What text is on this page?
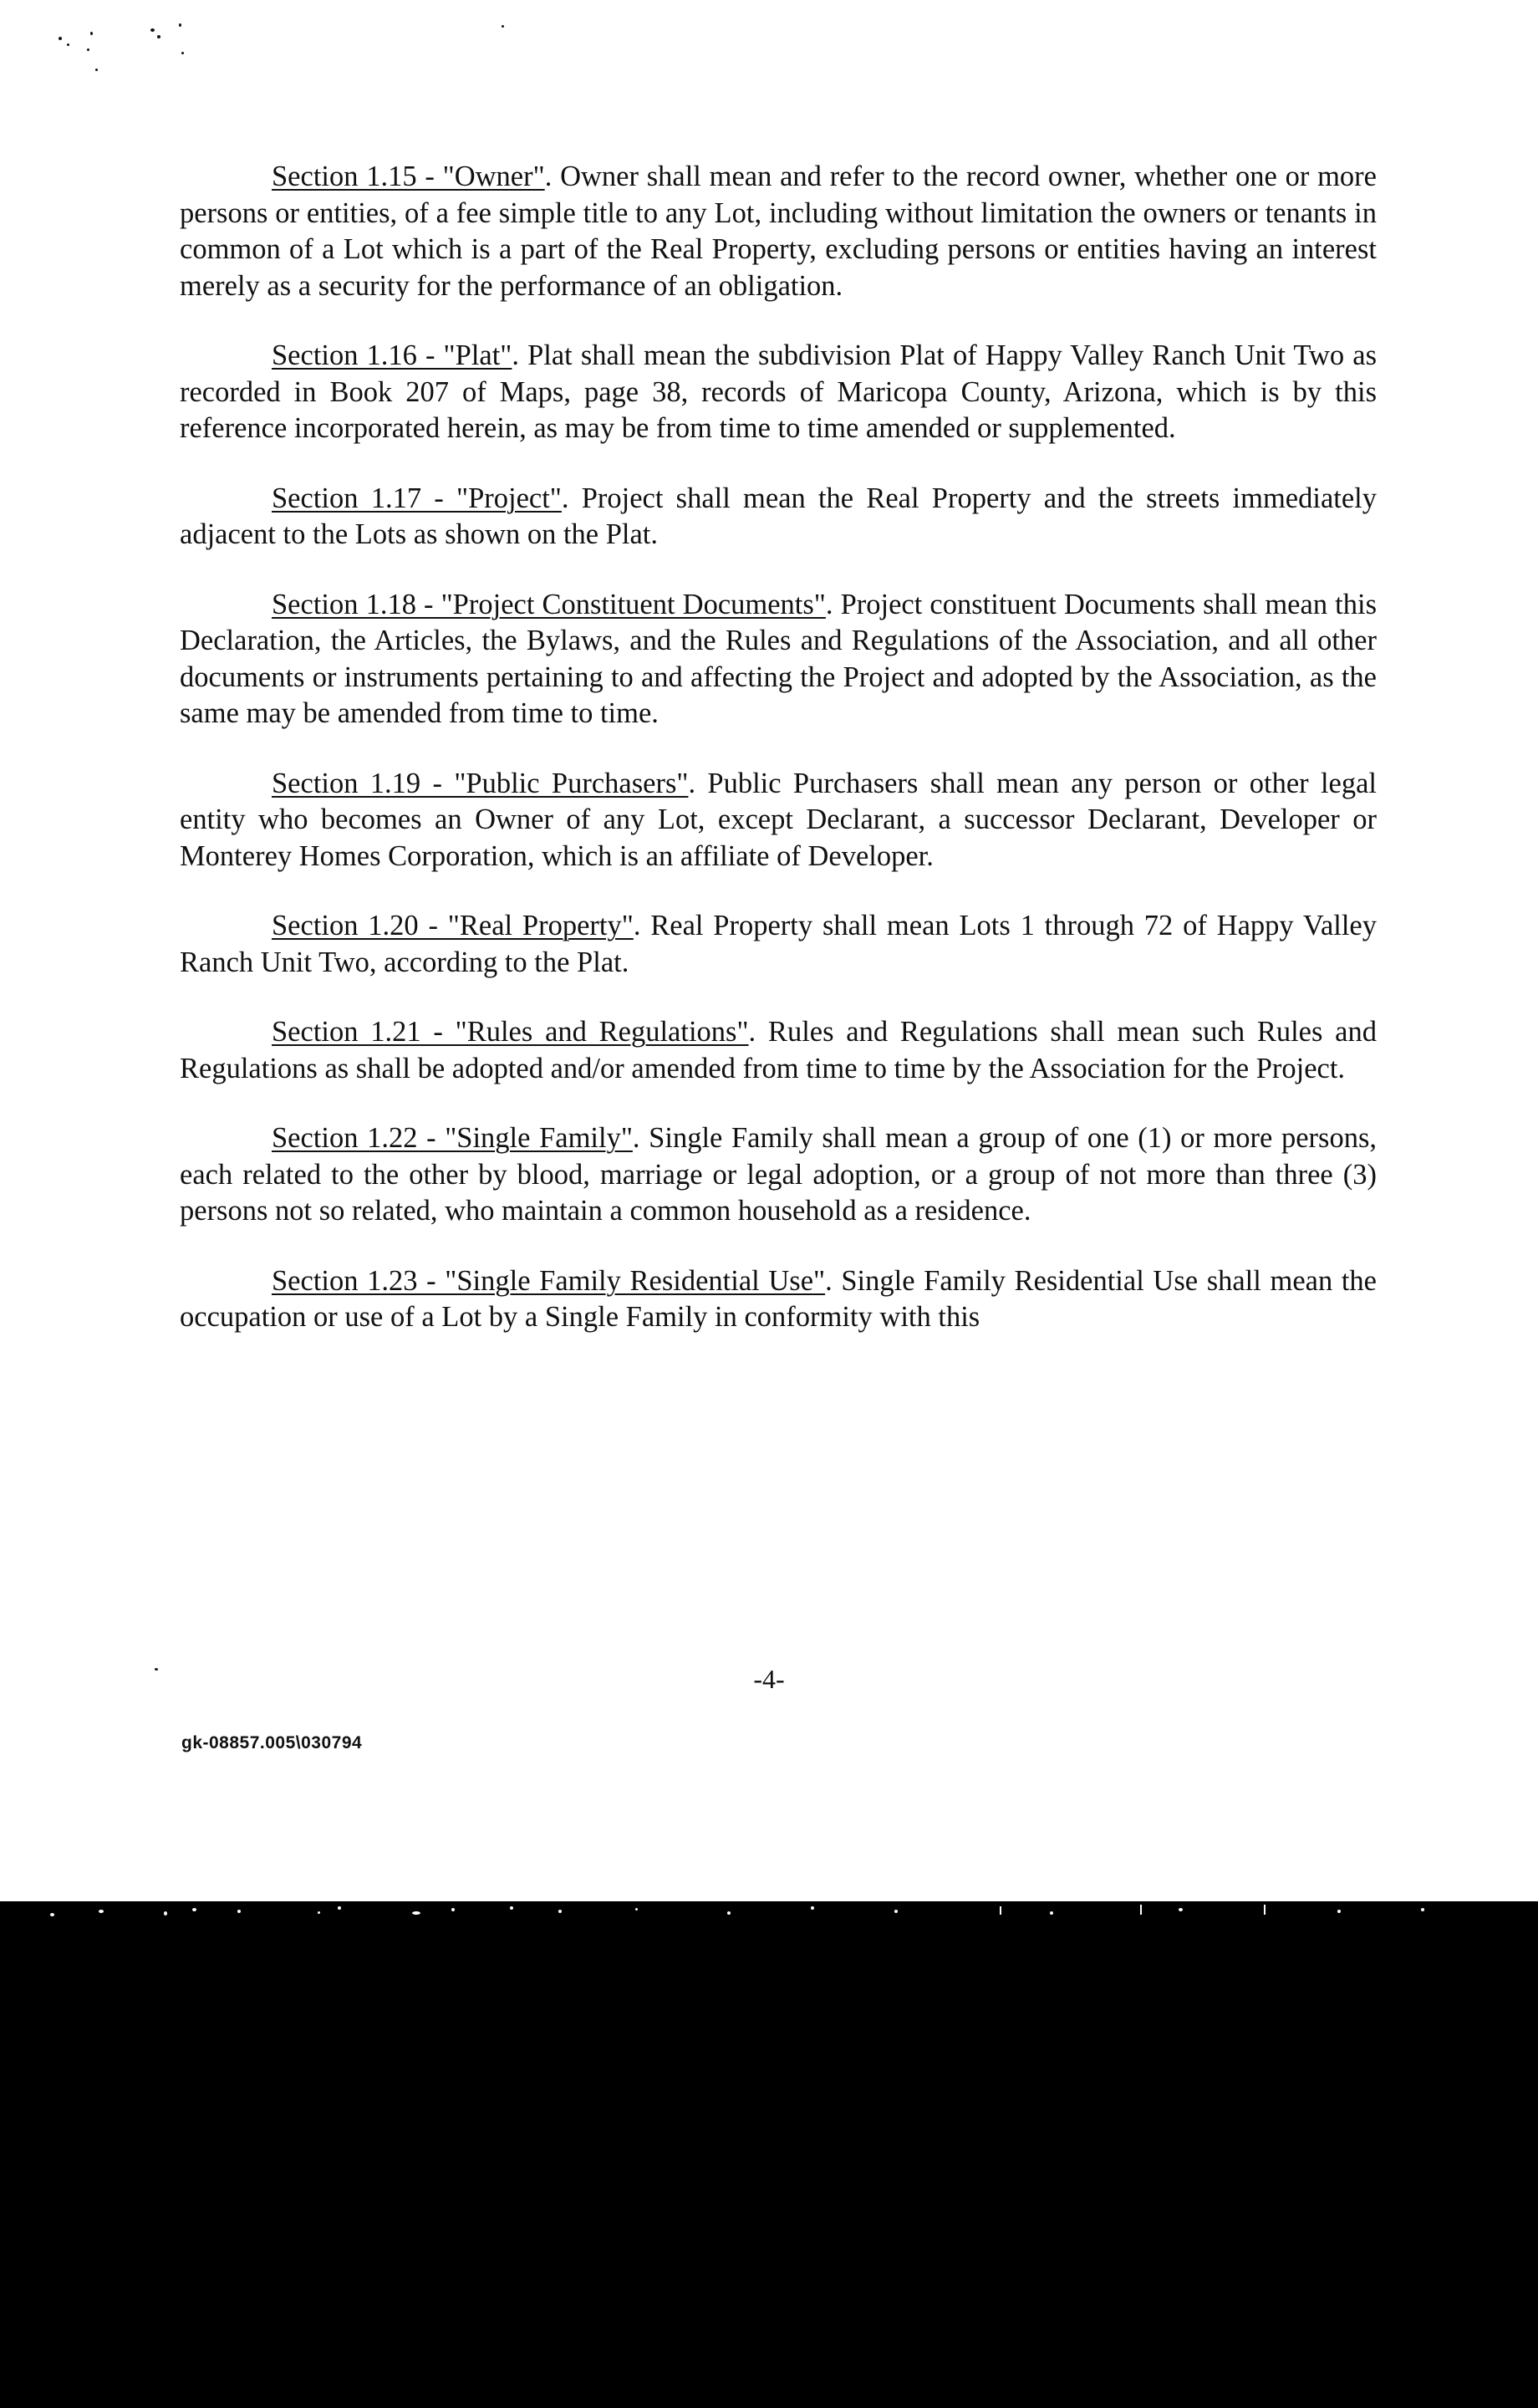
Section 1.15 - "Owner". Owner shall mean and refer to the record owner, whether one or more persons or entities, of a fee simple title to any Lot, including without limitation the owners or tenants in common of a Lot which is a part of the Real Property, excluding persons or entities having an interest merely as a security for the performance of an obligation.

Section 1.16 - "Plat". Plat shall mean the subdivision Plat of Happy Valley Ranch Unit Two as recorded in Book 207 of Maps, page 38, records of Maricopa County, Arizona, which is by this reference incorporated herein, as may be from time to time amended or supplemented.

Section 1.17 - "Project". Project shall mean the Real Property and the streets immediately adjacent to the Lots as shown on the Plat.

Section 1.18 - "Project Constituent Documents". Project constituent Documents shall mean this Declaration, the Articles, the Bylaws, and the Rules and Regulations of the Association, and all other documents or instruments pertaining to and affecting the Project and adopted by the Association, as the same may be amended from time to time.

Section 1.19 - "Public Purchasers". Public Purchasers shall mean any person or other legal entity who becomes an Owner of any Lot, except Declarant, a successor Declarant, Developer or Monterey Homes Corporation, which is an affiliate of Developer.

Section 1.20 - "Real Property". Real Property shall mean Lots 1 through 72 of Happy Valley Ranch Unit Two, according to the Plat.

Section 1.21 - "Rules and Regulations". Rules and Regulations shall mean such Rules and Regulations as shall be adopted and/or amended from time to time by the Association for the Project.

Section 1.22 - "Single Family". Single Family shall mean a group of one (1) or more persons, each related to the other by blood, marriage or legal adoption, or a group of not more than three (3) persons not so related, who maintain a common household as a residence.

Section 1.23 - "Single Family Residential Use". Single Family Residential Use shall mean the occupation or use of a Lot by a Single Family in conformity with this

-4-
gk-08857.005\030794
